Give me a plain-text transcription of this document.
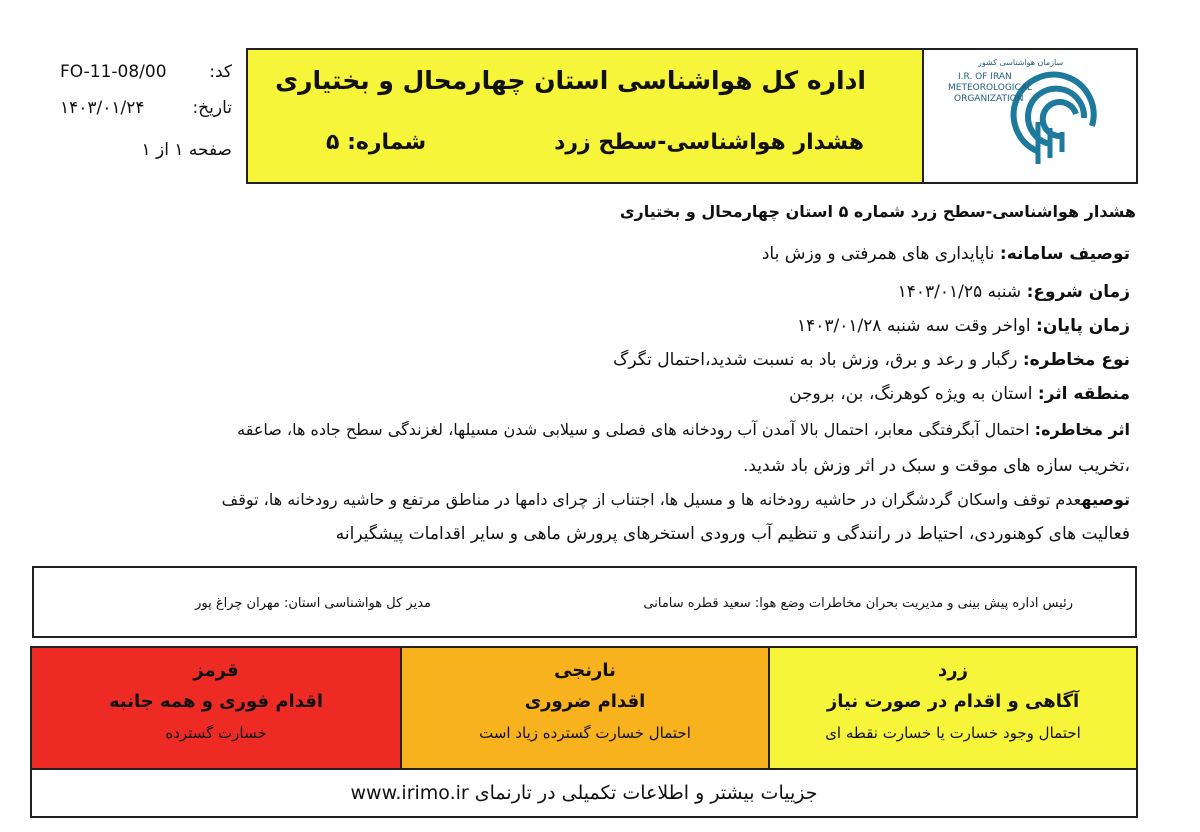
کد:
FO-11-08/00
تاریخ:
۱۴۰۳/۰۱/۲۴
صفحه ۱ از ۱
اداره کل هواشناسی استان چهارمحال و بختیاری
هشدار هواشناسی-سطح زرد
شماره: ۵
سازمان هواشناسی کشور
I.R. OF IRAN
METEOROLOGICAL
ORGANIZATION
هشدار هواشناسی-سطح زرد شماره ۵ استان چهارمحال و بختیاری
توصیف سامانه: ناپایداری های همرفتی و وزش باد
زمان شروع: شنبه ۱۴۰۳/۰۱/۲۵
زمان پایان: اواخر وقت سه شنبه ۱۴۰۳/۰۱/۲۸
نوع مخاطره: رگبار و رعد و برق، وزش باد به نسبت شدید،احتمال تگرگ
منطقه اثر: استان به ویژه کوهرنگ، بن، بروجن
اثر مخاطره: احتمال آبگرفتگی معابر، احتمال بالا آمدن آب رودخانه های فصلی و سیلابی شدن مسیلها، لغزندگی سطح جاده ها، صاعقه
،تخریب سازه های موقت و سبک در اثر وزش باد شدید.
توصیهعدم توقف واسکان گردشگران در حاشیه رودخانه ها و مسیل ها، اجتناب از چرای دامها در مناطق مرتفع و حاشیه رودخانه ها، توقف
فعالیت های کوهنوردی، احتیاط در رانندگی و تنظیم آب ورودی استخرهای پرورش ماهی و سایر اقدامات پیشگیرانه
رئیس اداره پیش بینی و مدیریت بحران مخاطرات وضع هوا: سعید قطره سامانی
مدیر کل هواشناسی استان: مهران چراغ پور
قرمز
اقدام فوری و همه جانبه
خسارت گسترده
نارنجی
اقدام ضروری
احتمال خسارت گسترده زیاد است
زرد
آگاهی و اقدام در صورت نیاز
احتمال وجود خسارت یا خسارت نقطه ای
جزییات بیشتر و اطلاعات تکمیلی در تارنمای www.irimo.ir
